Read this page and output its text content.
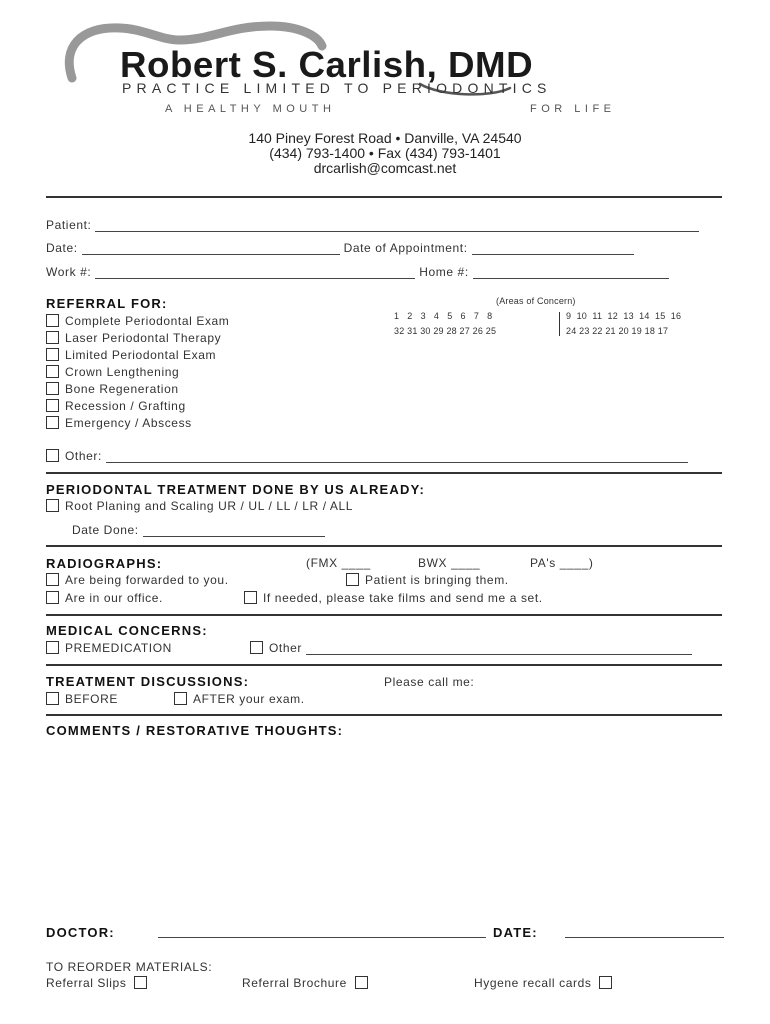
Robert S. Carlish, DMD
PRACTICE LIMITED TO PERIODONTICS
A HEALTHY MOUTH	FOR LIFE
140 Piney Forest Road • Danville, VA 24540
(434) 793-1400 • Fax (434) 793-1401
drcarlish@comcast.net
Patient:
Date:	Date of Appointment:
Work #:	Home #:
REFERRAL FOR:
Complete Periodontal Exam
Laser Periodontal Therapy
Limited Periodontal Exam
Crown Lengthening
Bone Regeneration
Recession / Grafting
Emergency / Abscess
Other:
(Areas of Concern)
1   2   3   4   5   6   7   8	9  10  11  12  13  14  15  16
32 31 30 29 28 27 26 25	24 23 22 21 20 19 18 17
PERIODONTAL TREATMENT DONE BY US ALREADY:
Root Planing and Scaling UR / UL / LL / LR / ALL
Date Done:
RADIOGRAPHS:	(FMX ____	BWX ____	PA's ____)
Are being forwarded to you.	Patient is bringing them.
Are in our office.	If needed, please take films and send me a set.
MEDICAL CONCERNS:
PREMEDICATION	Other
TREATMENT DISCUSSIONS:	Please call me:
BEFORE	AFTER your exam.
COMMENTS / RESTORATIVE THOUGHTS:
DOCTOR:	DATE:
TO REORDER MATERIALS:
Referral Slips	Referral Brochure	Hygene recall cards
